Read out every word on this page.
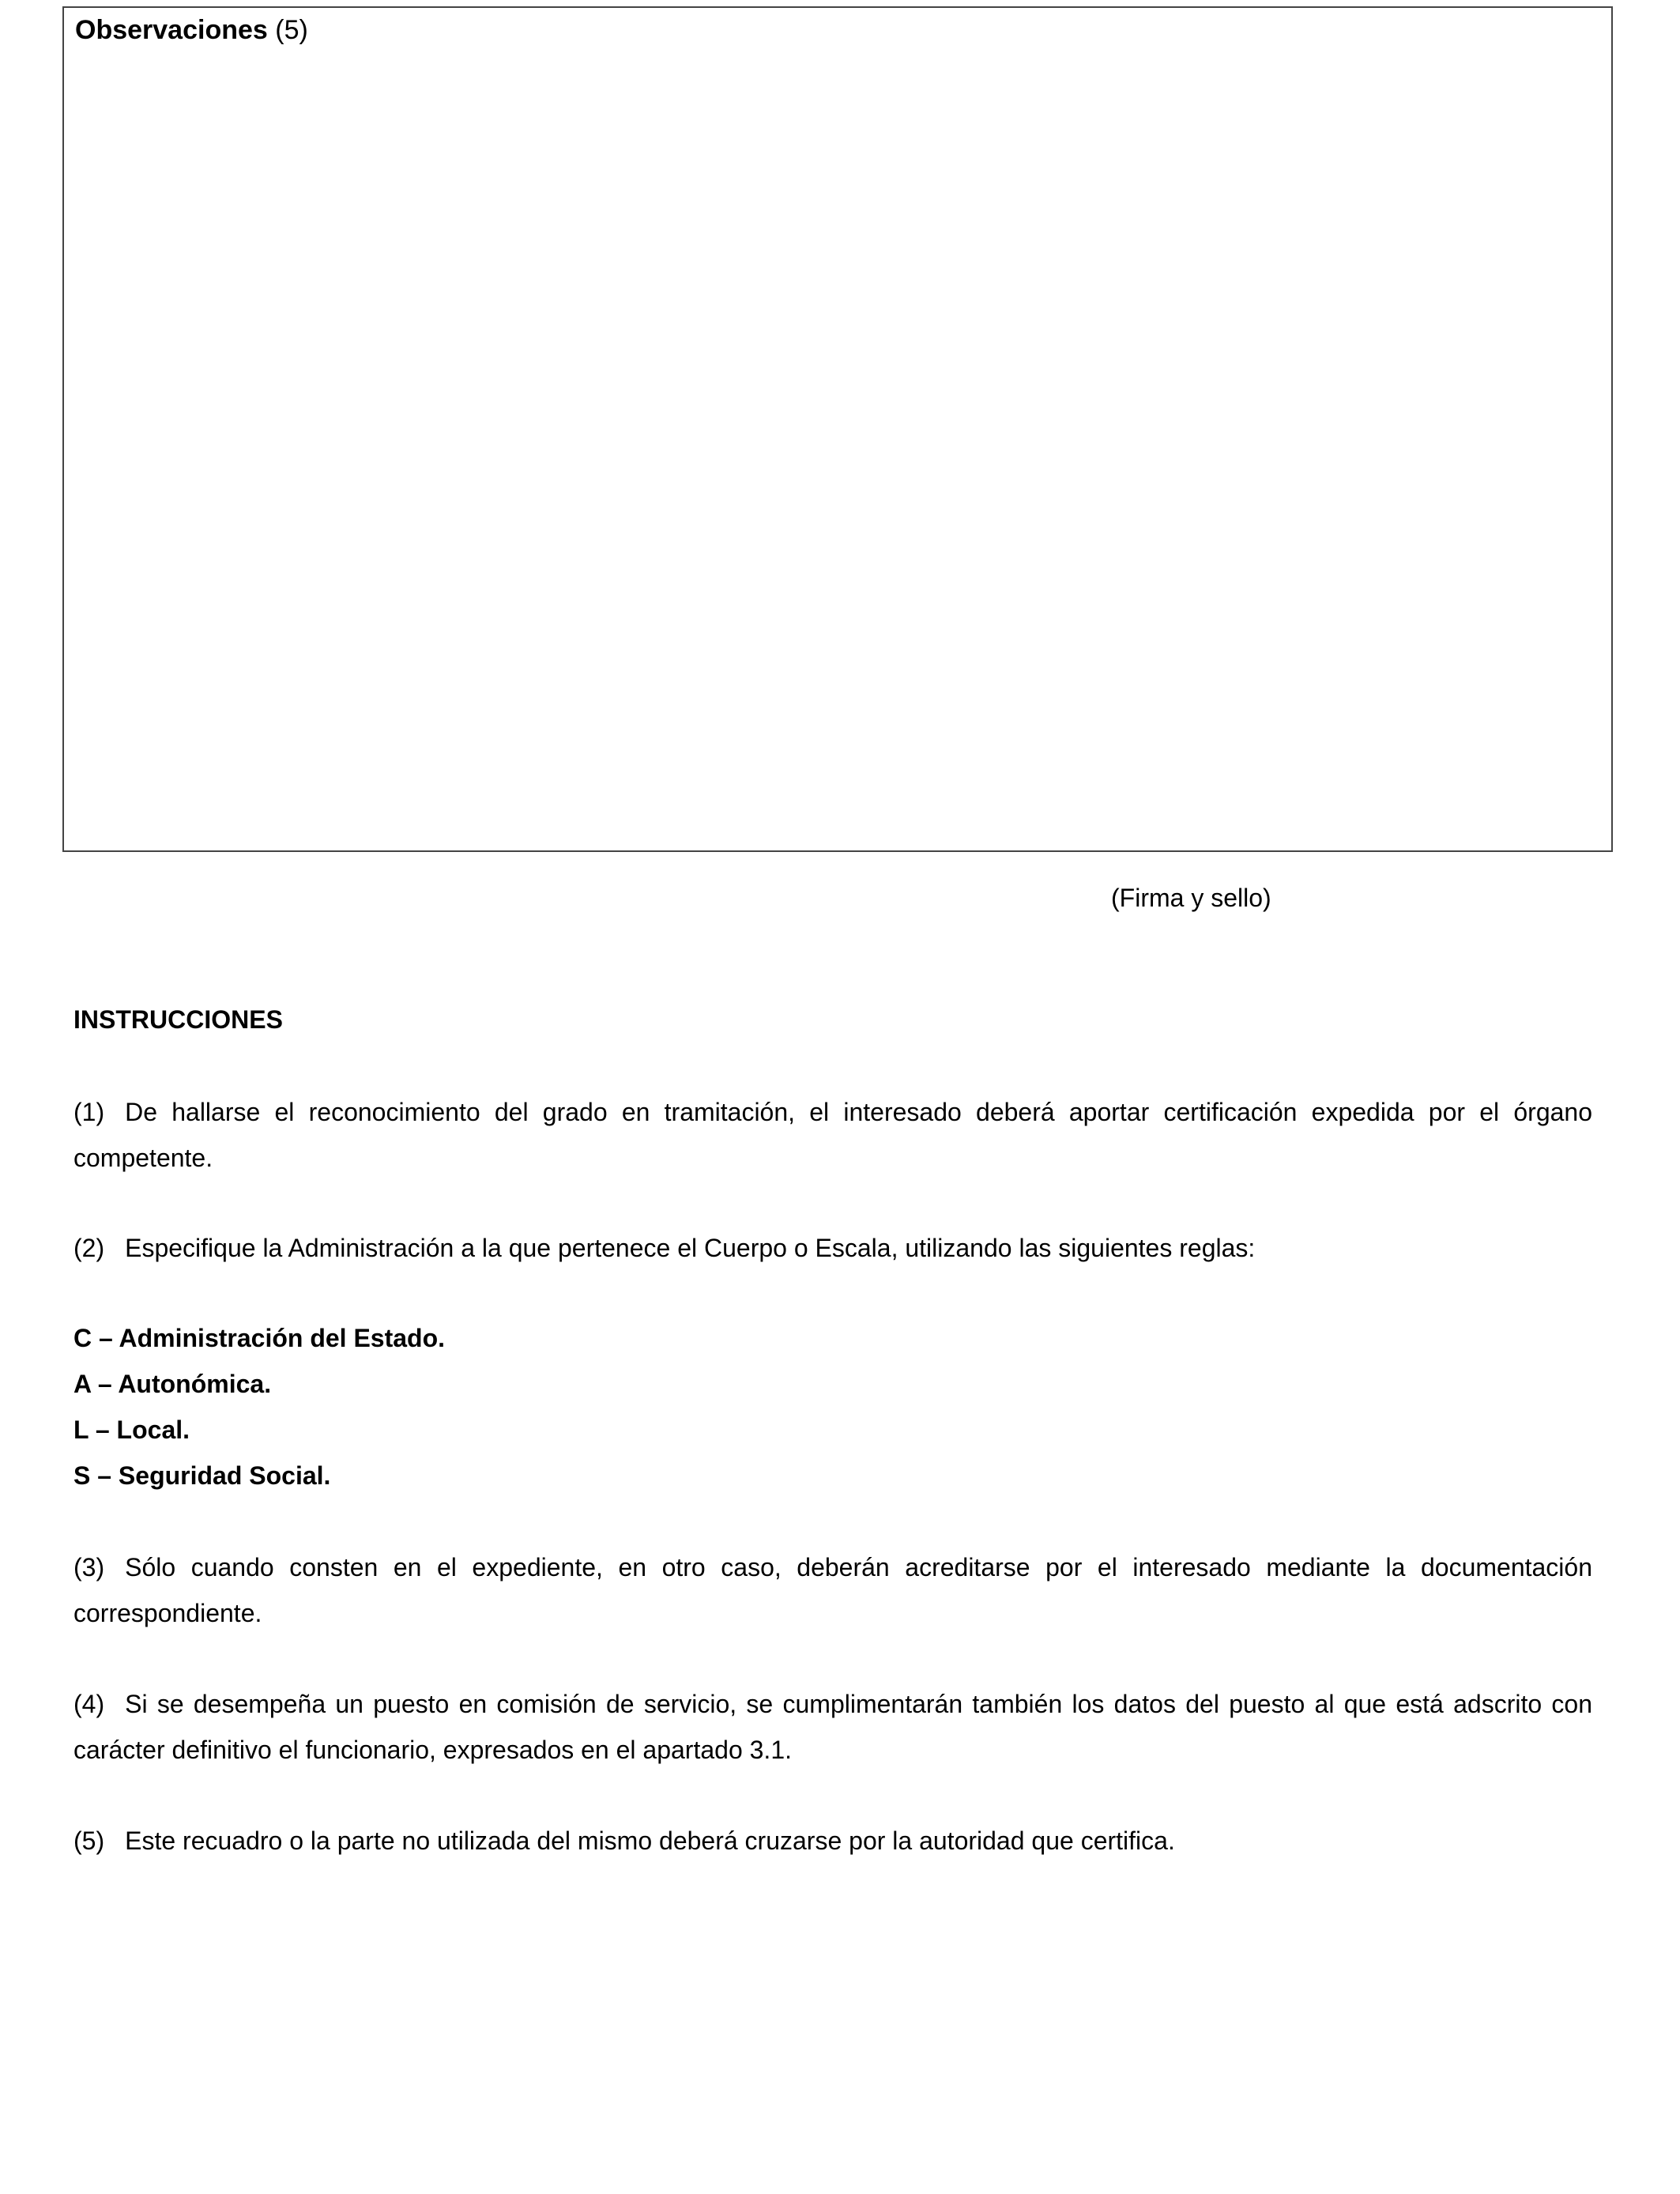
Observaciones (5)
(Firma y sello)
INSTRUCCIONES
(1) De hallarse el reconocimiento del grado en tramitación, el interesado deberá aportar certificación expedida por el órgano competente.
(2) Especifique la Administración a la que pertenece el Cuerpo o Escala, utilizando las siguientes reglas:
C – Administración del Estado.
A – Autonómica.
L – Local.
S – Seguridad Social.
(3) Sólo cuando consten en el expediente, en otro caso, deberán acreditarse por el interesado mediante la documentación correspondiente.
(4) Si se desempeña un puesto en comisión de servicio, se cumplimentarán también los datos del puesto al que está adscrito con carácter definitivo el funcionario, expresados en el apartado 3.1.
(5) Este recuadro o la parte no utilizada del mismo deberá cruzarse por la autoridad que certifica.
